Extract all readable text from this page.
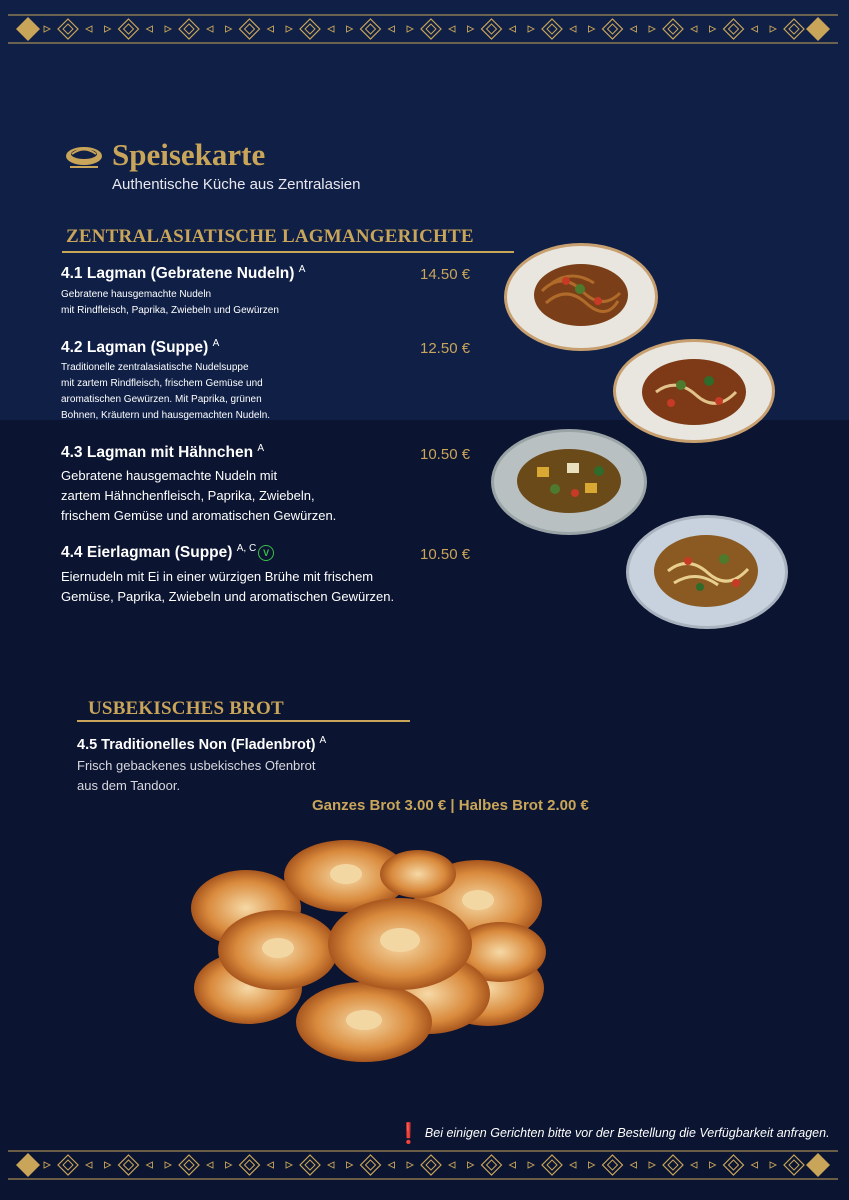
Speisekarte

Authentische Küche aus Zentralasien

ZENTRALASIATISCHE LAGMANGERICHTE
4.1 Lagman (Gebratene Nudeln) $^A$	14.50 €
Gebratene hausgemachte Nudeln
mit Rindfleisch, Paprika, Zwiebeln und Gewürzen
4.2 Lagman (Suppe) $^A$	12.50 €
Traditionelle zentralasiatische Nudelsuppe
mit zartem Rindfleisch, frischem Gemüse und
aromatischen Gewürzen. Mit Paprika, grünen
Bohnen, Kräutern und hausgemachten Nudeln.
4.3 Lagman mit Hähnchen $^A$	10.50 €
Gebratene hausgemachte Nudeln mit
zartem Hähnchenfleisch, Paprika, Zwiebeln,
frischem Gemüse und aromatischen Gewürzen.
4.4 Eierlagman (Suppe) $^{A, C}$ V	10.50 €
Eiernudeln mit Ei in einer würzigen Brühe mit frischem
Gemüse, Paprika, Zwiebeln und aromatischen Gewürzen.
USBEKISCHES BROT
4.5 Traditionelles Non (Fladenbrot) $^A$
Frisch gebackenes usbekisches Ofenbrot
aus dem Tandoor.
Ganzes Brot 3.00 € | Halbes Brot 2.00 €
❗ Bei einigen Gerichten bitte vor der Bestellung die Verfügbarkeit anfragen.
